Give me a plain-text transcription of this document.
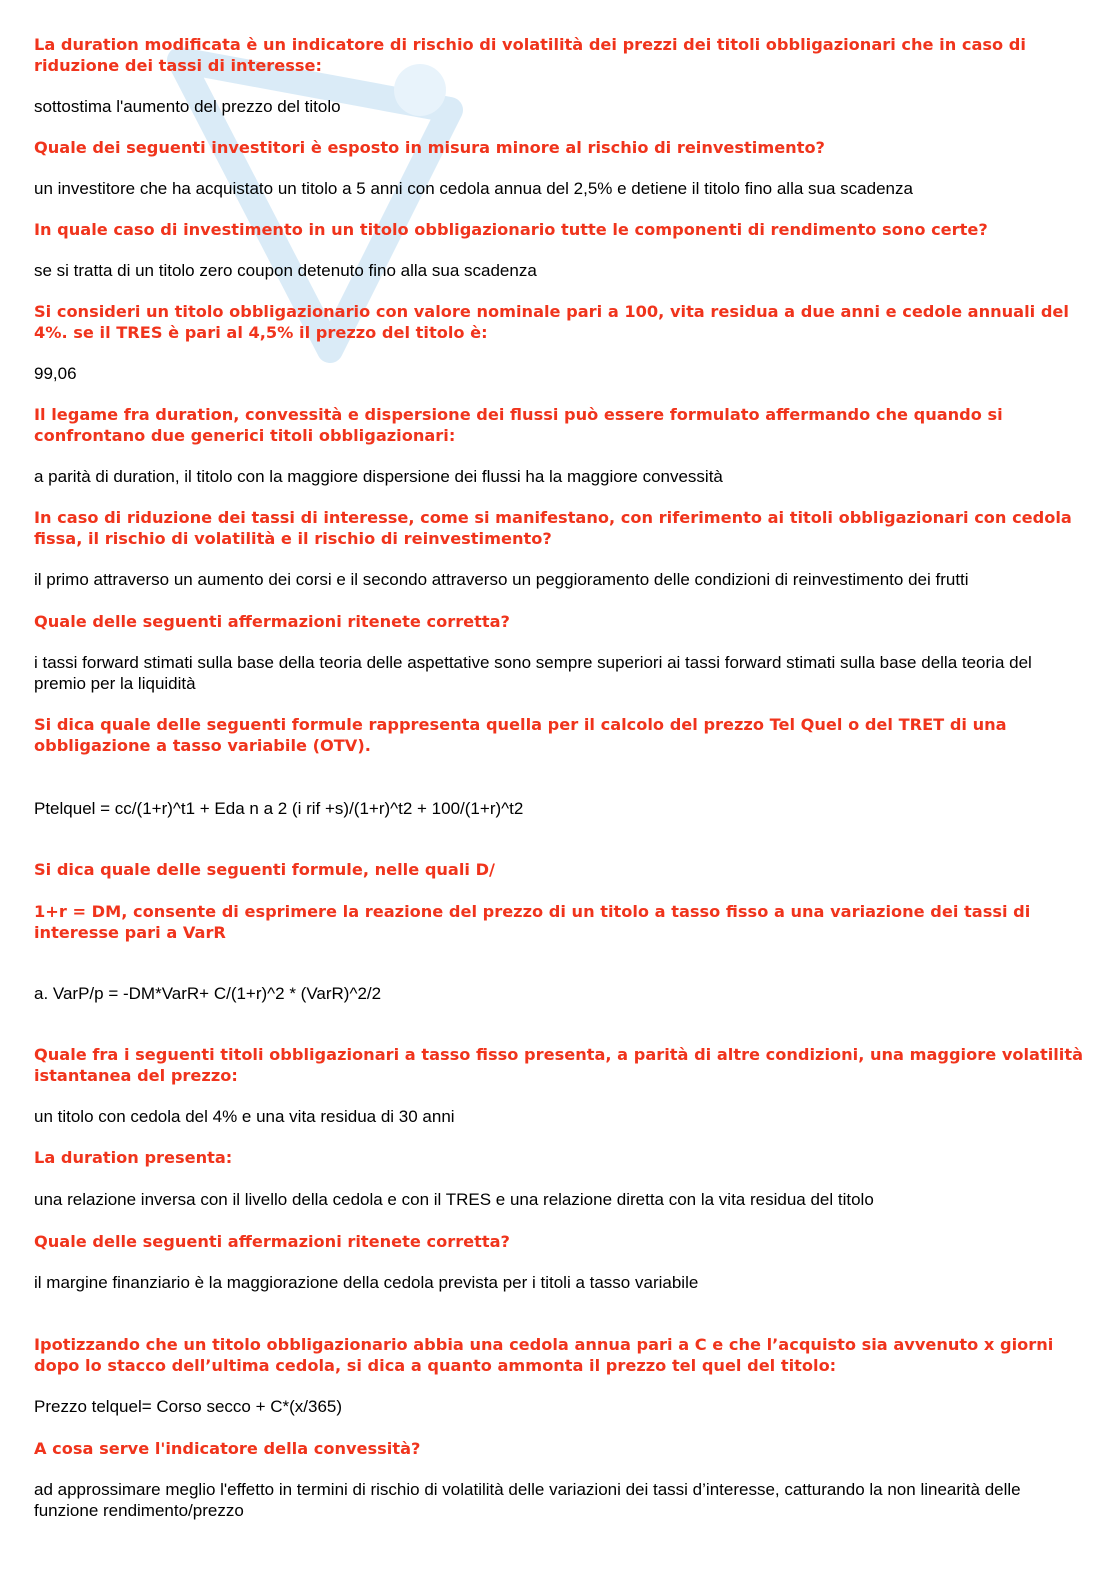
La duration modificata è un indicatore di rischio di volatilità dei prezzi dei titoli obbligazionari che in caso di riduzione dei tassi di interesse:

sottostima l'aumento del prezzo del titolo

Quale dei seguenti investitori è esposto in misura minore al rischio di reinvestimento?

un investitore che ha acquistato un titolo a 5 anni con cedola annua del 2,5% e detiene il titolo fino alla sua scadenza

In quale caso di investimento in un titolo obbligazionario tutte le componenti di rendimento sono certe?

se si tratta di un titolo zero coupon detenuto fino alla sua scadenza

Si consideri un titolo obbligazionario con valore nominale pari a 100, vita residua a due anni e cedole annuali del 4%. se il TRES è pari al 4,5% il prezzo del titolo è:

99,06

Il legame fra duration, convessità e dispersione dei flussi può essere formulato affermando che quando si confrontano due generici titoli obbligazionari:

a parità di duration, il titolo con la maggiore dispersione dei flussi ha la maggiore convessità

In caso di riduzione dei tassi di interesse, come si manifestano, con riferimento ai titoli obbligazionari con cedola fissa, il rischio di volatilità e il rischio di reinvestimento?

il primo attraverso un aumento dei corsi e il secondo attraverso un peggioramento delle condizioni di reinvestimento dei frutti

Quale delle seguenti affermazioni ritenete corretta?

i tassi forward stimati sulla base della teoria delle aspettative sono sempre superiori ai tassi forward stimati sulla base della teoria del premio per la liquidità

Si dica quale delle seguenti formule rappresenta quella per il calcolo del prezzo Tel Quel o del TRET di una obbligazione a tasso variabile (OTV).

Ptelquel = cc/(1+r)^t1 + Eda n a 2 (i rif +s)/(1+r)^t2 + 100/(1+r)^t2

Si dica quale delle seguenti formule, nelle quali D/

1+r = DM, consente di esprimere la reazione del prezzo di un titolo a tasso fisso a una variazione dei tassi di interesse pari a VarR

a. VarP/p = -DM*VarR+ C/(1+r)^2 * (VarR)^2/2

Quale fra i seguenti titoli obbligazionari a tasso fisso presenta, a parità di altre condizioni, una maggiore volatilità istantanea del prezzo:

un titolo con cedola del 4% e una vita residua di 30 anni

La duration presenta:

una relazione inversa con il livello della cedola e con il TRES e una relazione diretta con la vita residua del titolo

Quale delle seguenti affermazioni ritenete corretta?

il margine finanziario è la maggiorazione della cedola prevista per i titoli a tasso variabile

Ipotizzando che un titolo obbligazionario abbia una cedola annua pari a C e che l’acquisto sia avvenuto x giorni dopo lo stacco dell’ultima cedola, si dica a quanto ammonta il prezzo tel quel del titolo:

Prezzo telquel= Corso secco + C*(x/365)

A cosa serve l'indicatore della convessità?

ad approssimare meglio l'effetto in termini di rischio di volatilità delle variazioni dei tassi d’interesse, catturando la non linearità delle funzione rendimento/prezzo
